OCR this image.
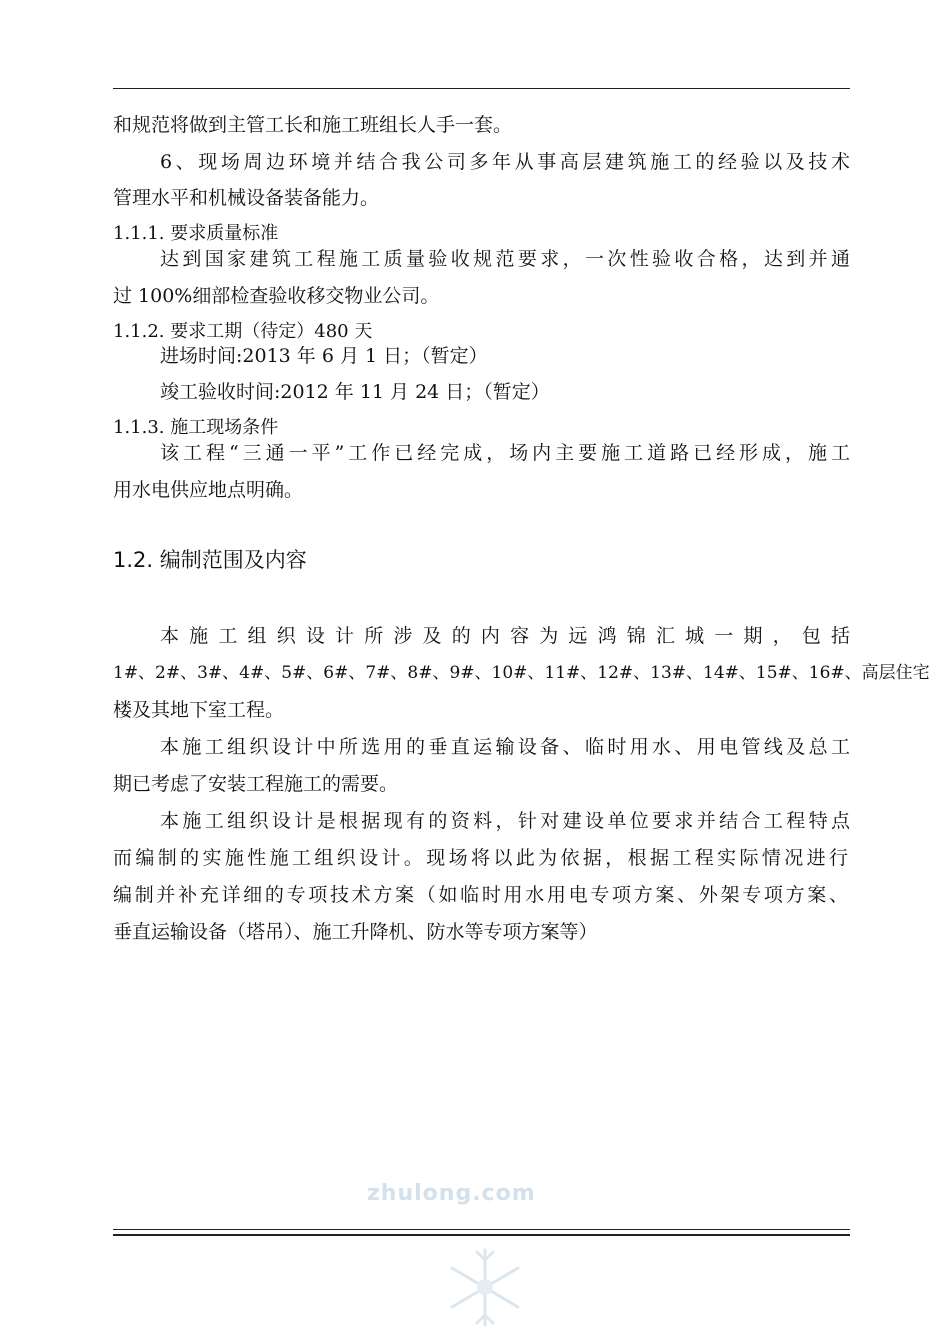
和规范将做到主管工长和施工班组长人手一套。
6、现场周边环境并结合我公司多年从事高层建筑施工的经验以及技术
管理水平和机械设备装备能力。
1.1.1. 要求质量标准
达到国家建筑工程施工质量验收规范要求，一次性验收合格，达到并通
过 100%细部检查验收移交物业公司。
1.1.2. 要求工期（待定）480 天
进场时间:2013 年 6 月 1 日；（暂定）
竣工验收时间:2012 年 11 月 24 日；（暂定）
1.1.3. 施工现场条件
该工程“三通一平”工作已经完成，场内主要施工道路已经形成，施工
用水电供应地点明确。
1.2. 编制范围及内容
本施工组织设计所涉及的内容为远鸿锦汇城一期，包括
1#、2#、3#、4#、5#、6#、7#、8#、9#、10#、11#、12#、13#、14#、15#、16#、高层住宅
楼及其地下室工程。
本施工组织设计中所选用的垂直运输设备、临时用水、用电管线及总工
期已考虑了安装工程施工的需要。
本施工组织设计是根据现有的资料，针对建设单位要求并结合工程特点
而编制的实施性施工组织设计。现场将以此为依据，根据工程实际情况进行
编制并补充详细的专项技术方案（如临时用水用电专项方案、外架专项方案、
垂直运输设备（塔吊）、施工升降机、防水等专项方案等）
zhulong.com
